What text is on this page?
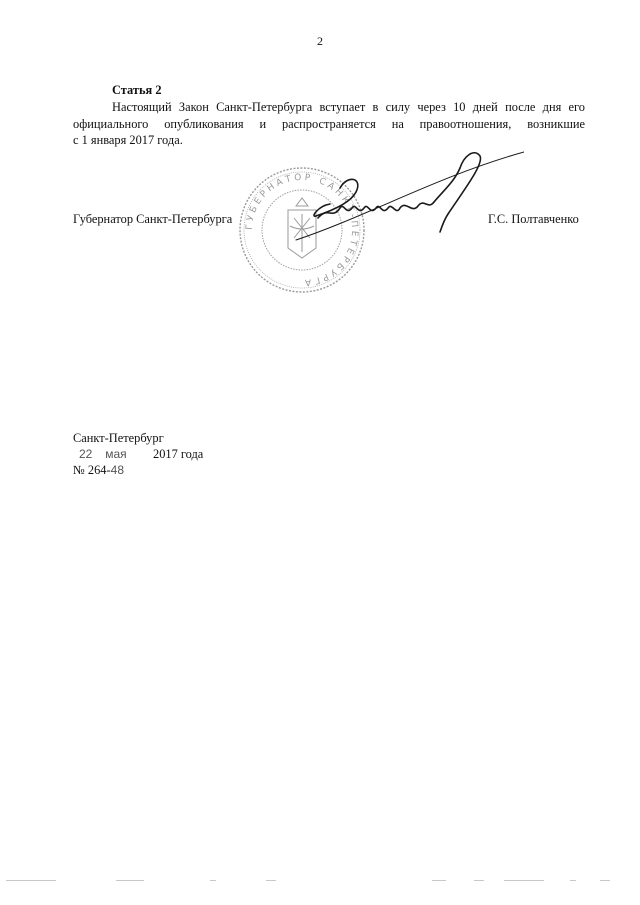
2
Статья 2
Настоящий Закон Санкт-Петербурга вступает в силу через 10 дней после дня его
официального опубликования и распространяется на правоотношения, возникшие
с 1 января 2017 года.
Губернатор Санкт-Петербурга	Г.С. Полтавченко
ГУБЕРНАТОР САНКТ-ПЕТЕРБУРГА
Санкт-Петербург
22 мая 2017 года
№ 264-48
